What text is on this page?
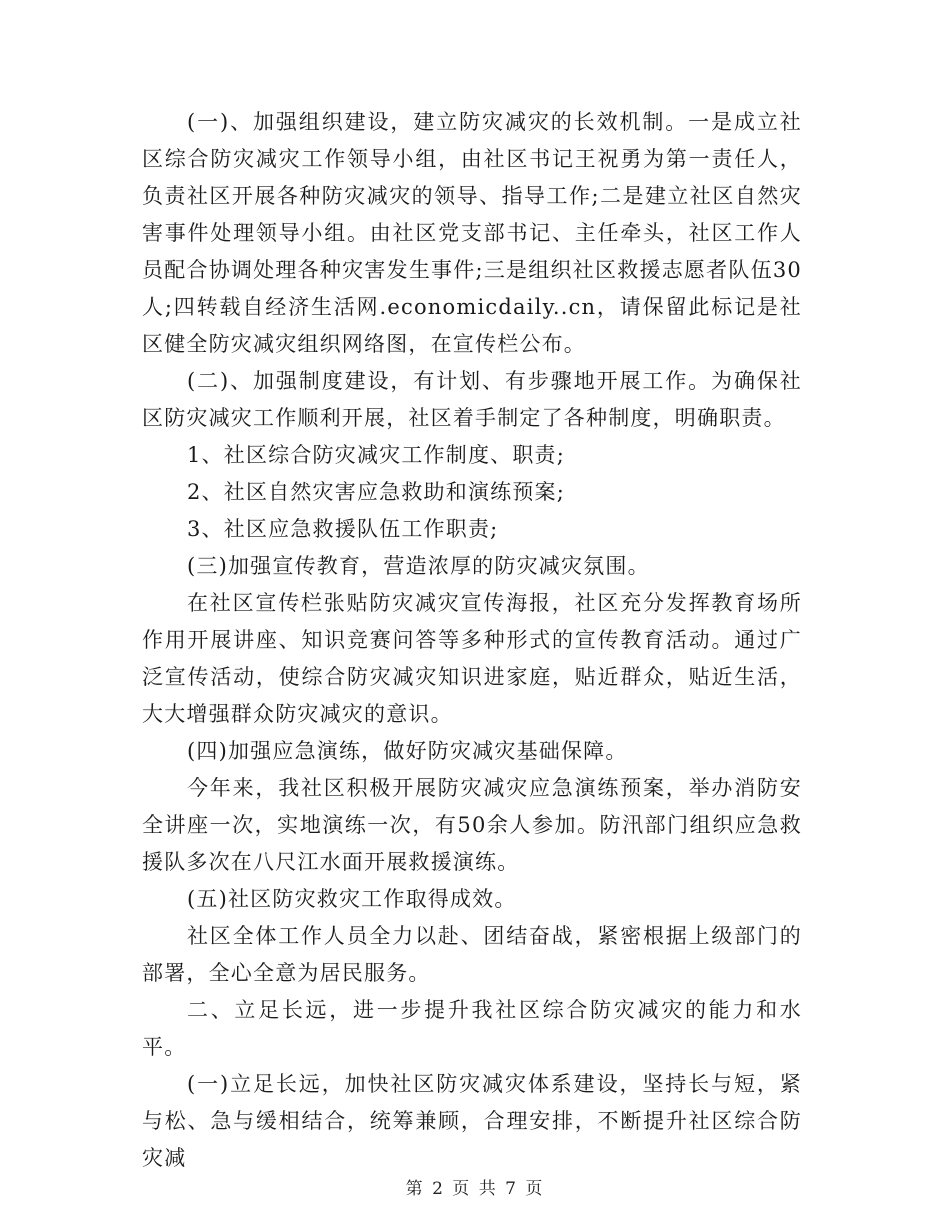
(一)、加强组织建设，建立防灾减灾的长效机制。一是成立社区综合防灾减灾工作领导小组，由社区书记王祝勇为第一责任人，负责社区开展各种防灾减灾的领导、指导工作;二是建立社区自然灾害事件处理领导小组。由社区党支部书记、主任牵头，社区工作人员配合协调处理各种灾害发生事件;三是组织社区救援志愿者队伍30人;四转载自经济生活网.economicdaily..cn，请保留此标记是社区健全防灾减灾组织网络图，在宣传栏公布。

(二)、加强制度建设，有计划、有步骤地开展工作。为确保社区防灾减灾工作顺利开展，社区着手制定了各种制度，明确职责。

1、社区综合防灾减灾工作制度、职责;

2、社区自然灾害应急救助和演练预案;

3、社区应急救援队伍工作职责;

(三)加强宣传教育，营造浓厚的防灾减灾氛围。

在社区宣传栏张贴防灾减灾宣传海报，社区充分发挥教育场所作用开展讲座、知识竞赛问答等多种形式的宣传教育活动。通过广泛宣传活动，使综合防灾减灾知识进家庭，贴近群众，贴近生活，大大增强群众防灾减灾的意识。

(四)加强应急演练，做好防灾减灾基础保障。

今年来，我社区积极开展防灾减灾应急演练预案，举办消防安全讲座一次，实地演练一次，有50余人参加。防汛部门组织应急救援队多次在八尺江水面开展救援演练。

(五)社区防灾救灾工作取得成效。

社区全体工作人员全力以赴、团结奋战，紧密根据上级部门的部署，全心全意为居民服务。

二、立足长远，进一步提升我社区综合防灾减灾的能力和水平。

(一)立足长远，加快社区防灾减灾体系建设，坚持长与短，紧与松、急与缓相结合，统筹兼顾，合理安排，不断提升社区综合防灾减

第 2 页 共 7 页
